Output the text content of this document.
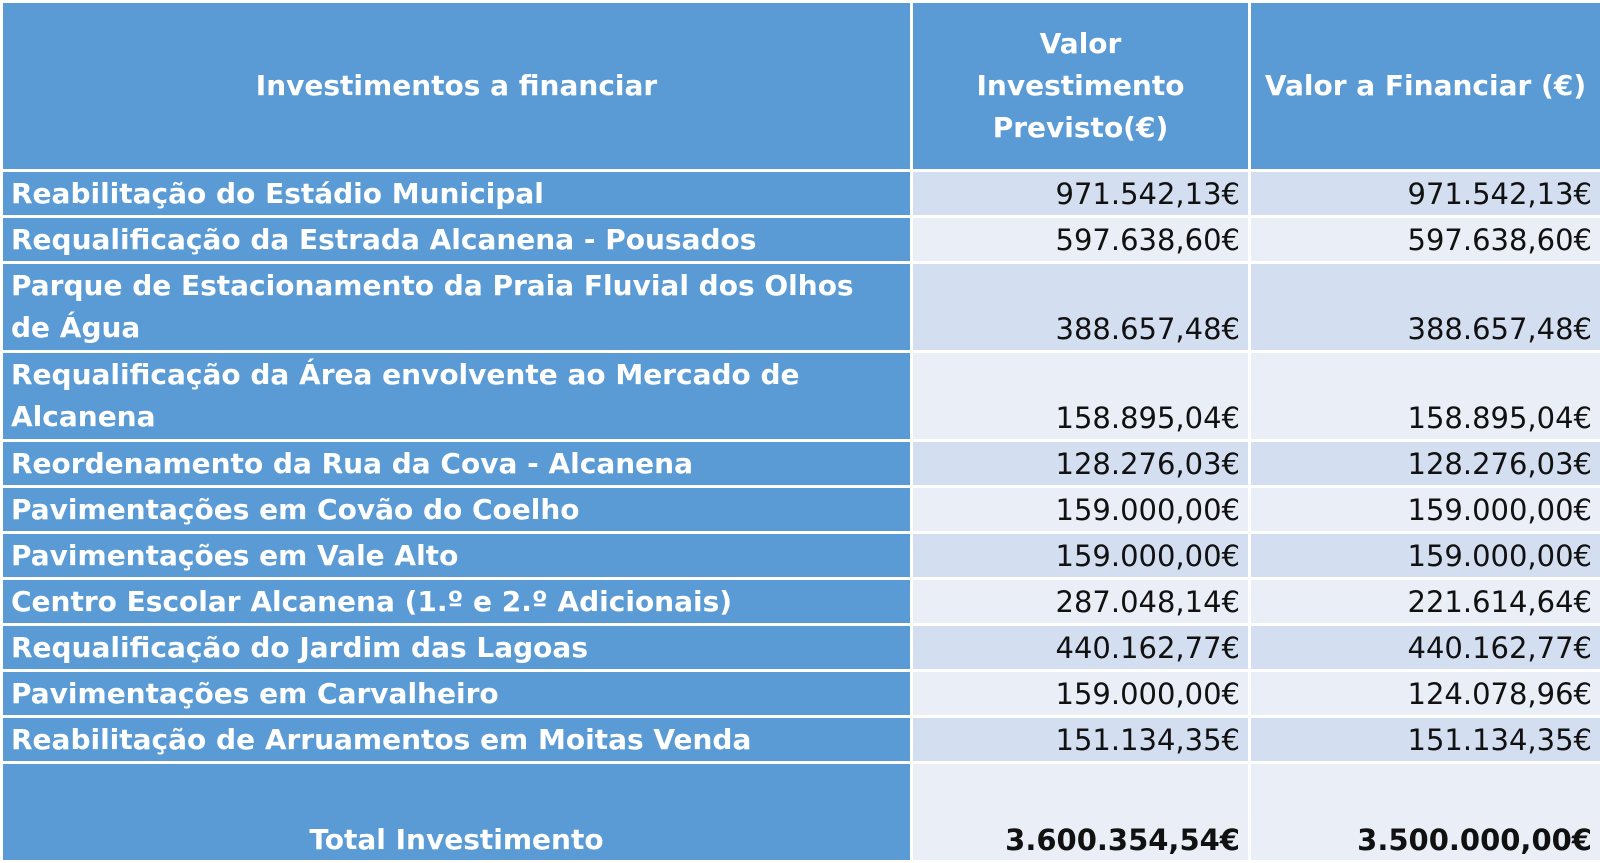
Investimentos a financiar	Valor Investimento Previsto(€)	Valor a Financiar (€)
Reabilitação do Estádio Municipal	971.542,13€	971.542,13€
Requalificação da Estrada Alcanena - Pousados	597.638,60€	597.638,60€
Parque de Estacionamento da Praia Fluvial dos Olhos de Água	388.657,48€	388.657,48€
Requalificação da Área envolvente ao Mercado de Alcanena	158.895,04€	158.895,04€
Reordenamento da Rua da Cova - Alcanena	128.276,03€	128.276,03€
Pavimentações em Covão do Coelho	159.000,00€	159.000,00€
Pavimentações em Vale Alto	159.000,00€	159.000,00€
Centro Escolar Alcanena (1.º e 2.º Adicionais)	287.048,14€	221.614,64€
Requalificação do Jardim das Lagoas	440.162,77€	440.162,77€
Pavimentações em Carvalheiro	159.000,00€	124.078,96€
Reabilitação de Arruamentos em Moitas Venda	151.134,35€	151.134,35€
Total Investimento	3.600.354,54€	3.500.000,00€
